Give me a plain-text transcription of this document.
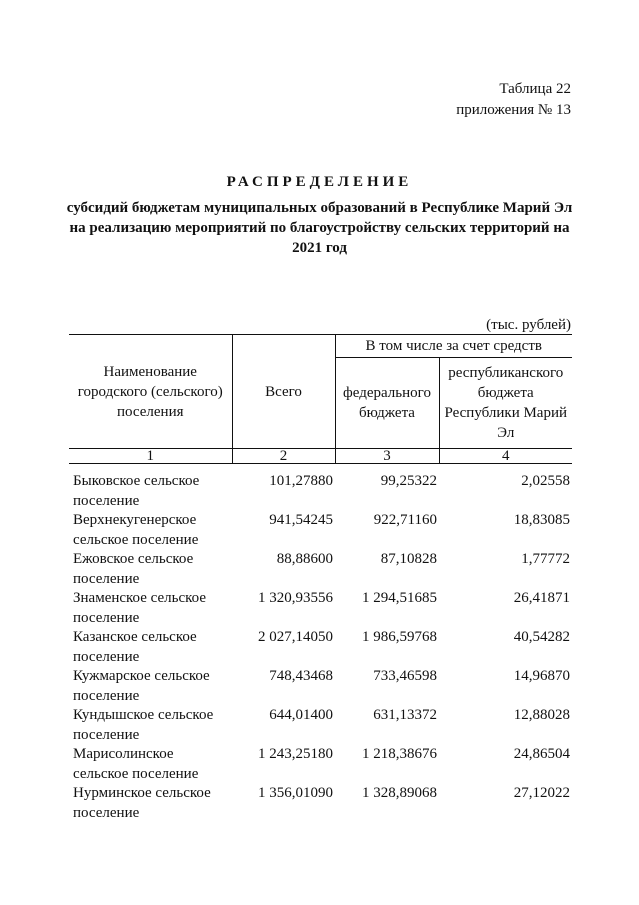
Таблица 22
приложения № 13
РАСПРЕДЕЛЕНИЕ
субсидий бюджетам муниципальных образований в Республике Марий Эл на реализацию мероприятий по благоустройству сельских территорий на 2021 год
(тыс. рублей)
Наименование городского (сельского) поселения	Всего	В том числе за счет средств	
		федерального бюджета	республиканского бюджета Республики Марий Эл
1	2	3	4
Быковское сельское поселение	101,27880	99,25322	2,02558
Верхнекугенерское сельское поселение	941,54245	922,71160	18,83085
Ежовское сельское поселение	88,88600	87,10828	1,77772
Знаменское сельское поселение	1 320,93556	1 294,51685	26,41871
Казанское сельское поселение	2 027,14050	1 986,59768	40,54282
Кужмарское сельское поселение	748,43468	733,46598	14,96870
Кундышское сельское поселение	644,01400	631,13372	12,88028
Марисолинское сельское поселение	1 243,25180	1 218,38676	24,86504
Нурминское сельское поселение	1 356,01090	1 328,89068	27,12022
